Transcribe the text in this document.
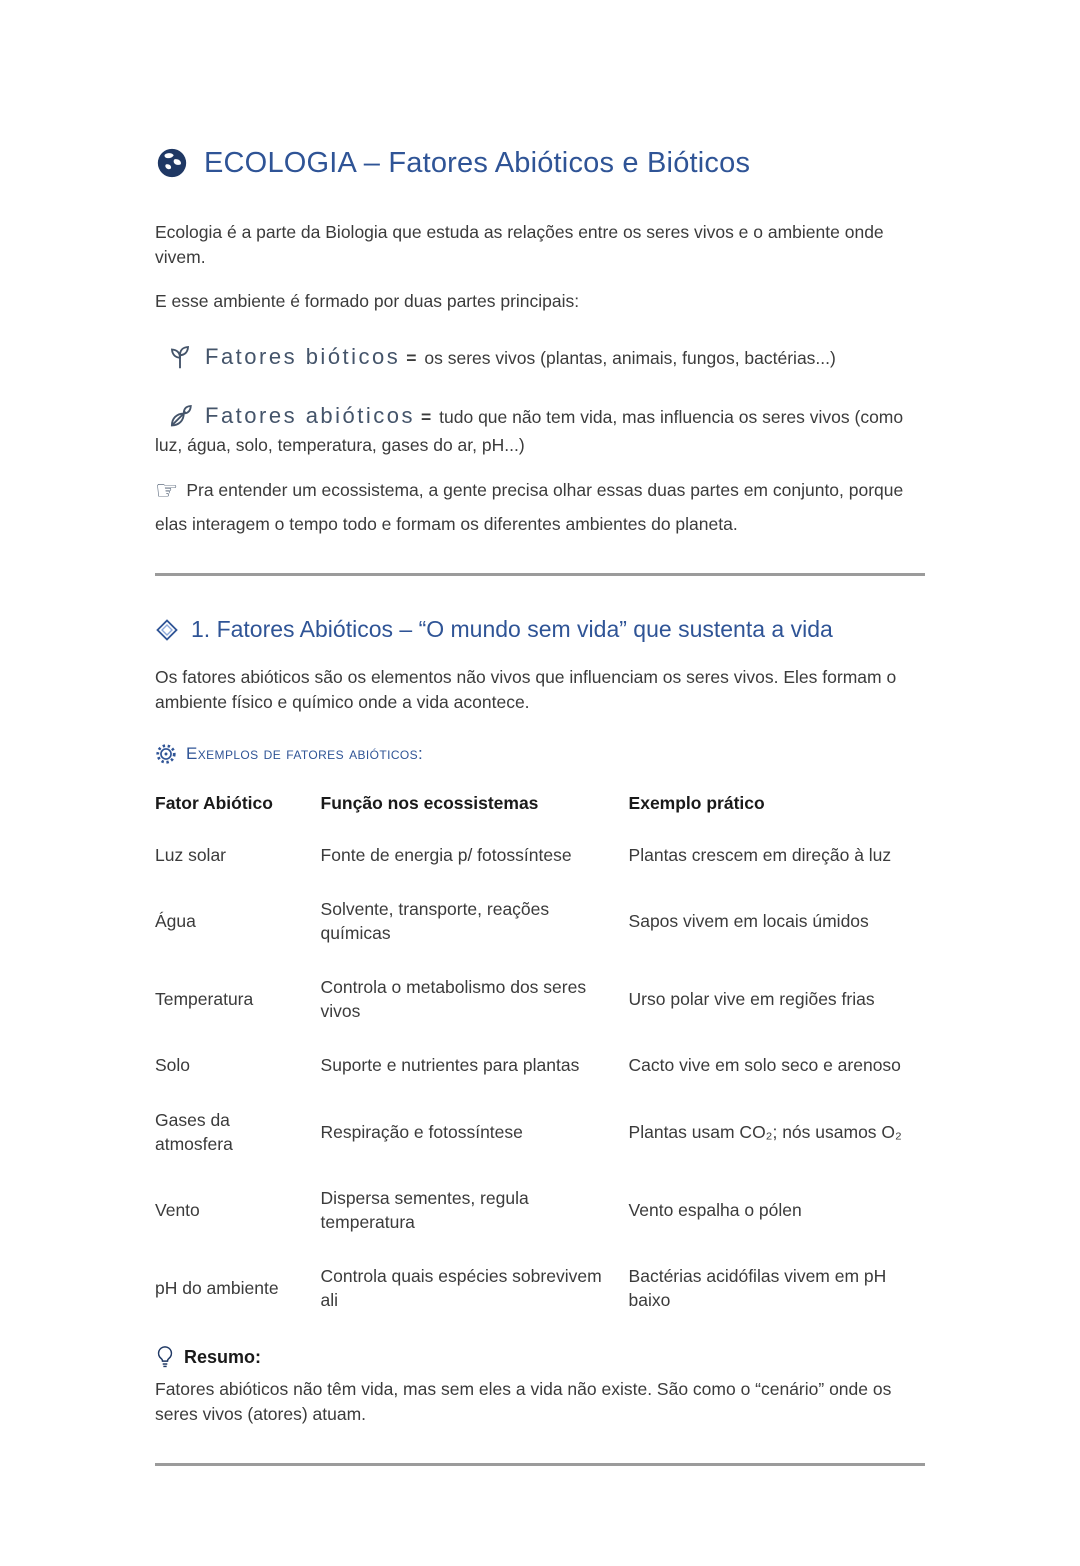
ECOLOGIA – Fatores Abióticos e Bióticos

Ecologia é a parte da Biologia que estuda as relações entre os seres vivos e o ambiente onde vivem.

E esse ambiente é formado por duas partes principais:

Fatores bióticos = os seres vivos (plantas, animais, fungos, bactérias...)

Fatores abióticos = tudo que não tem vida, mas influencia os seres vivos (como luz, água, solo, temperatura, gases do ar, pH...)

☞ Pra entender um ecossistema, a gente precisa olhar essas duas partes em conjunto, porque elas interagem o tempo todo e formam os diferentes ambientes do planeta.

1. Fatores Abióticos – “O mundo sem vida” que sustenta a vida

Os fatores abióticos são os elementos não vivos que influenciam os seres vivos. Eles formam o ambiente físico e químico onde a vida acontece.

Exemplos de fatores abióticos:
Fator Abiótico	Função nos ecossistemas	Exemplo prático
Luz solar	Fonte de energia p/ fotossíntese	Plantas crescem em direção à luz
Água	Solvente, transporte, reações químicas	Sapos vivem em locais úmidos
Temperatura	Controla o metabolismo dos seres vivos	Urso polar vive em regiões frias
Solo	Suporte e nutrientes para plantas	Cacto vive em solo seco e arenoso
Gases da atmosfera	Respiração e fotossíntese	Plantas usam CO₂; nós usamos O₂
Vento	Dispersa sementes, regula temperatura	Vento espalha o pólen
pH do ambiente	Controla quais espécies sobrevivem ali	Bactérias acidófilas vivem em pH baixo
Resumo:

Fatores abióticos não têm vida, mas sem eles a vida não existe. São como o “cenário” onde os seres vivos (atores) atuam.
